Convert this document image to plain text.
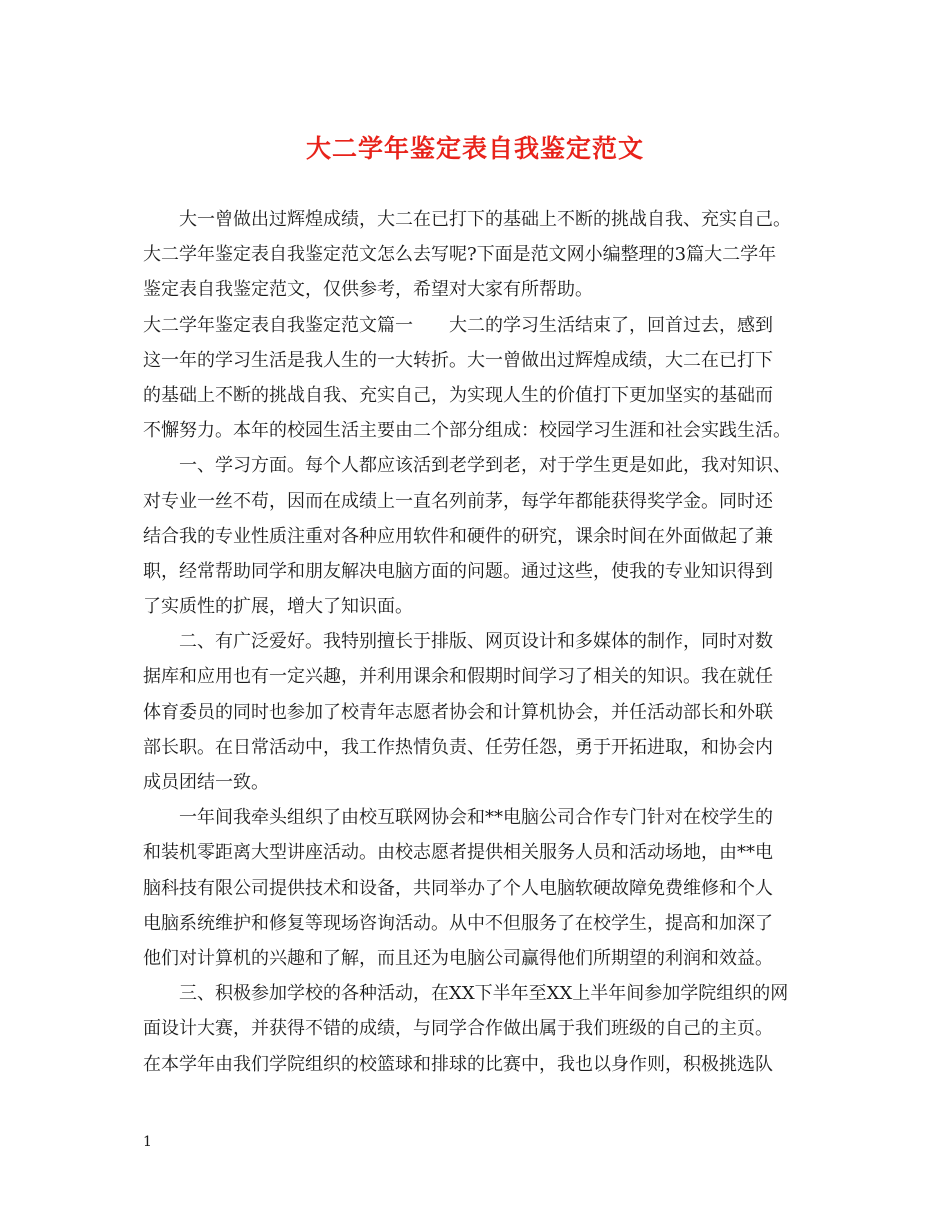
大二学年鉴定表自我鉴定范文
大一曾做出过辉煌成绩，大二在已打下的基础上不断的挑战自我、充实自己。
大二学年鉴定表自我鉴定范文怎么去写呢?下面是范文网小编整理的3篇大二学年
鉴定表自我鉴定范文，仅供参考，希望对大家有所帮助。
大二学年鉴定表自我鉴定范文篇一　　大二的学习生活结束了，回首过去，感到
这一年的学习生活是我人生的一大转折。大一曾做出过辉煌成绩，大二在已打下
的基础上不断的挑战自我、充实自己，为实现人生的价值打下更加坚实的基础而
不懈努力。本年的校园生活主要由二个部分组成：校园学习生涯和社会实践生活。
一、学习方面。每个人都应该活到老学到老，对于学生更是如此，我对知识、
对专业一丝不苟，因而在成绩上一直名列前茅，每学年都能获得奖学金。同时还
结合我的专业性质注重对各种应用软件和硬件的研究，课余时间在外面做起了兼
职，经常帮助同学和朋友解决电脑方面的问题。通过这些，使我的专业知识得到
了实质性的扩展，增大了知识面。
二、有广泛爱好。我特别擅长于排版、网页设计和多媒体的制作，同时对数
据库和应用也有一定兴趣，并利用课余和假期时间学习了相关的知识。我在就任
体育委员的同时也参加了校青年志愿者协会和计算机协会，并任活动部长和外联
部长职。在日常活动中，我工作热情负责、任劳任怨，勇于开拓进取，和协会内
成员团结一致。
一年间我牵头组织了由校互联网协会和**电脑公司合作专门针对在校学生的
和装机零距离大型讲座活动。由校志愿者提供相关服务人员和活动场地，由**电
脑科技有限公司提供技术和设备，共同举办了个人电脑软硬故障免费维修和个人
电脑系统维护和修复等现场咨询活动。从中不但服务了在校学生，提高和加深了
他们对计算机的兴趣和了解，而且还为电脑公司赢得他们所期望的利润和效益。
三、积极参加学校的各种活动，在XX下半年至XX上半年间参加学院组织的网
面设计大赛，并获得不错的成绩，与同学合作做出属于我们班级的自己的主页。
在本学年由我们学院组织的校篮球和排球的比赛中，我也以身作则，积极挑选队
1
